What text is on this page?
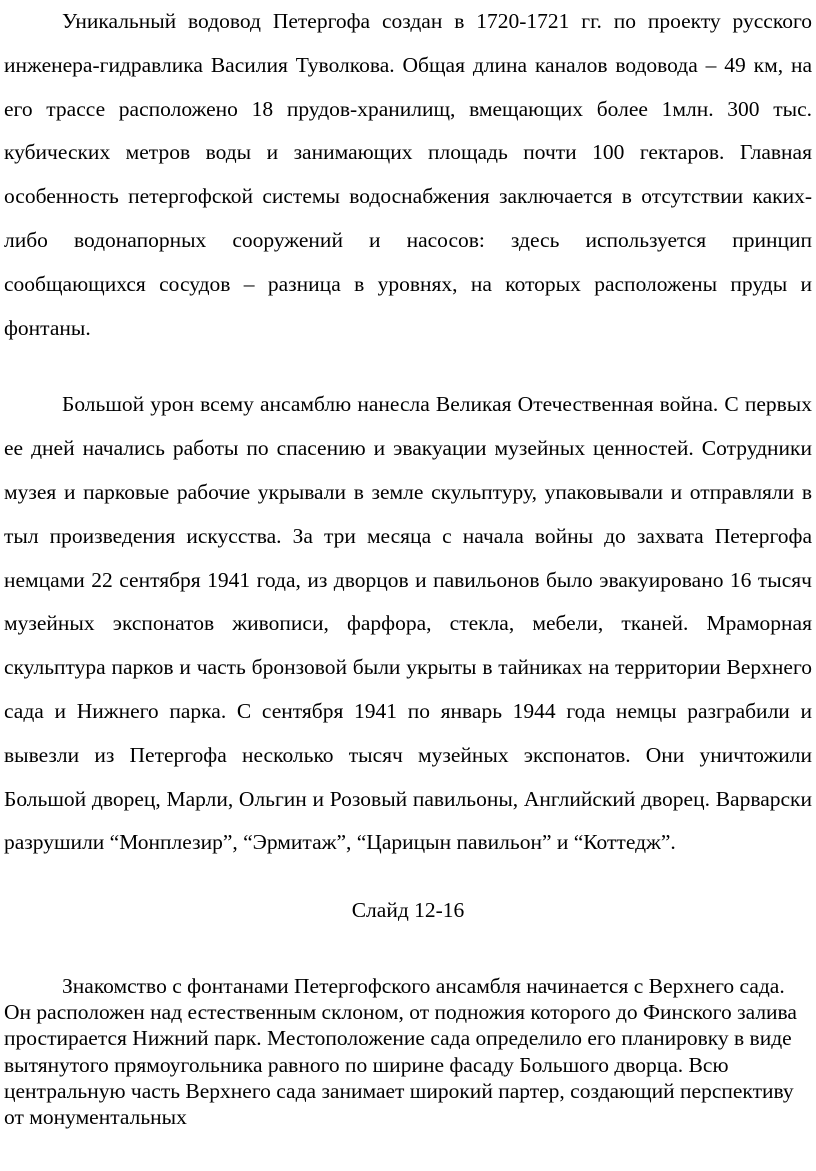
Уникальный водовод Петергофа создан в 1720-1721 гг. по проекту русского инженера-гидравлика Василия Туволкова. Общая длина каналов водовода – 49 км, на его трассе расположено 18 прудов-хранилищ, вмещающих более 1млн. 300 тыс. кубических метров воды и занимающих площадь почти 100 гектаров. Главная особенность петергофской системы водоснабжения заключается в отсутствии каких-либо водонапорных сооружений и насосов: здесь используется принцип сообщающихся сосудов – разница в уровнях, на которых расположены пруды и фонтаны.

Большой урон всему ансамблю нанесла Великая Отечественная война. С первых ее дней начались работы по спасению и эвакуации музейных ценностей. Сотрудники музея и парковые рабочие укрывали в земле скульптуру, упаковывали и отправляли в тыл произведения искусства. За три месяца с начала войны до захвата Петергофа немцами 22 сентября 1941 года, из дворцов и павильонов было эвакуировано 16 тысяч музейных экспонатов живописи, фарфора, стекла, мебели, тканей. Мраморная скульптура парков и часть бронзовой были укрыты в тайниках на территории Верхнего сада и Нижнего парка. С сентября 1941 по январь 1944 года немцы разграбили и вывезли из Петергофа несколько тысяч музейных экспонатов. Они уничтожили Большой дворец, Марли, Ольгин и Розовый павильоны, Английский дворец. Варварски разрушили “Монплезир”, “Эрмитаж”, “Царицын павильон” и “Коттедж”.

Слайд 12-16

Знакомство с фонтанами Петергофского ансамбля начинается с Верхнего сада. Он расположен над естественным склоном, от подножия которого до Финского залива простирается Нижний парк. Местоположение сада определило его планировку в виде вытянутого прямоугольника равного по ширине фасаду Большого дворца. Всю центральную часть Верхнего сада занимает широкий партер, создающий перспективу от монументальных
